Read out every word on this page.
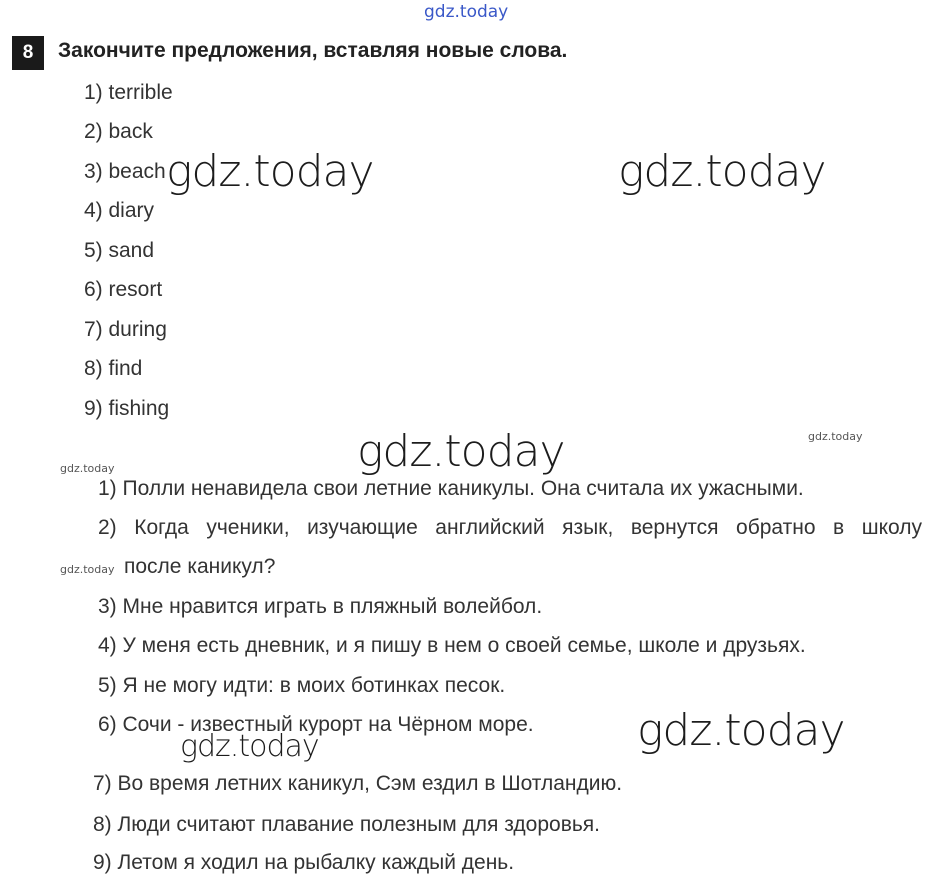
gdz.today
8	Закончите предложения, вставляя новые слова.
1) terrible
2) back
3) beach
4) diary
5) sand
6) resort
7) during
8) find
9) fishing
1) Полли ненавидела свои летние каникулы. Она считала их ужасными.
2) Когда ученики, изучающие английский язык, вернутся обратно в школу
после каникул?
3) Мне нравится играть в пляжный волейбол.
4) У меня есть дневник, и я пишу в нем о своей семье, школе и друзьях.
5) Я не могу идти: в моих ботинках песок.
6) Сочи - известный курорт на Чёрном море.
7) Во время летних каникул, Сэм ездил в Шотландию.
8) Люди считают плавание полезным для здоровья.
9) Летом я ходил на рыбалку каждый день.
gdz.today	gdz.today
gdz.today
gdz.today
gdz.today
gdz.today
gdz.today
gdz.today
